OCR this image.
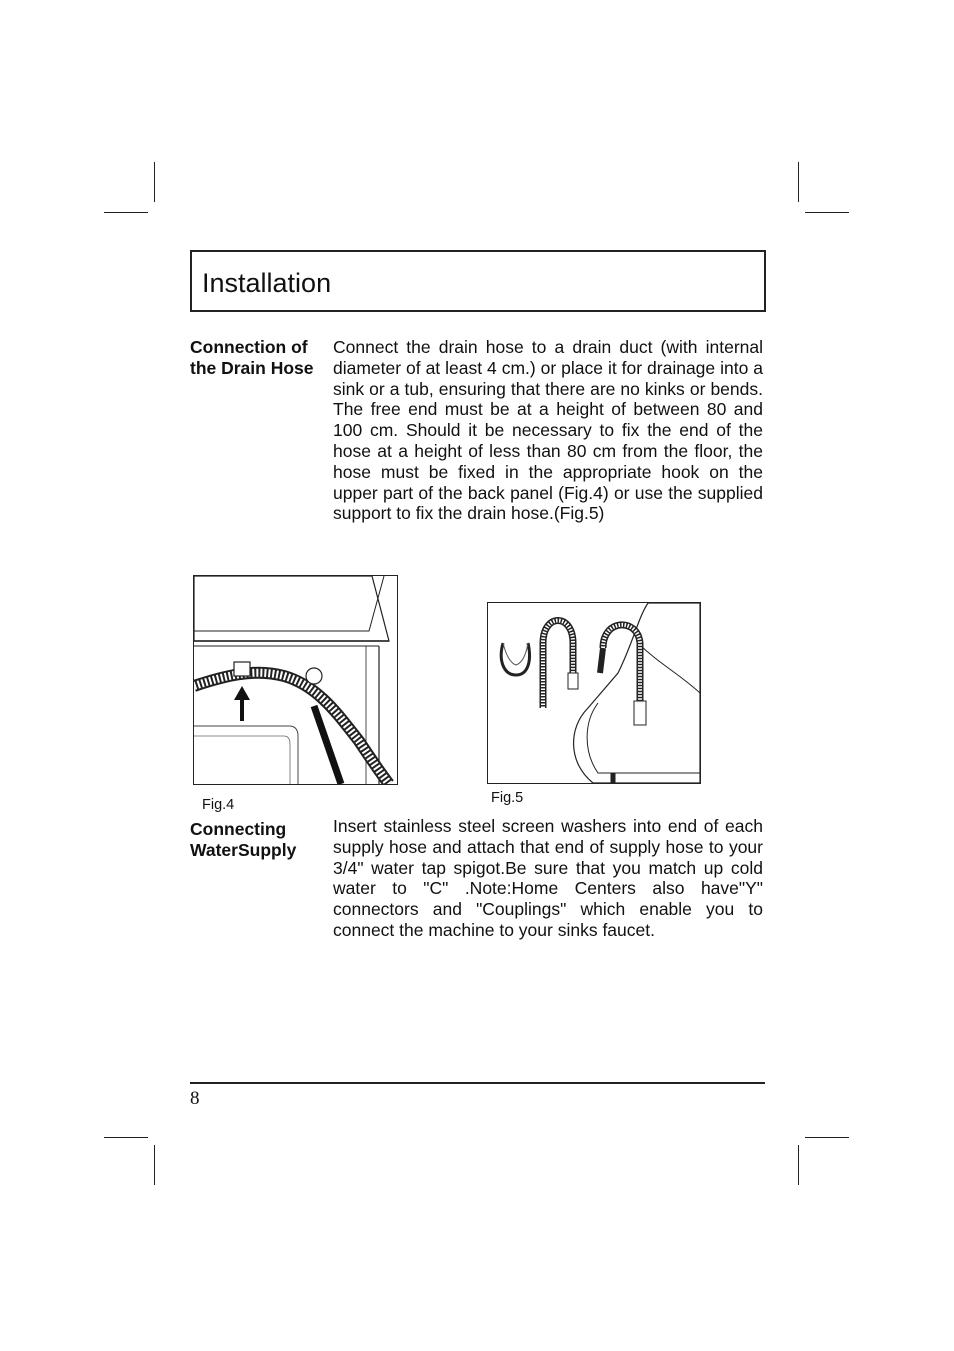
Installation
Connection of
the Drain Hose
Connect the drain hose to a drain duct (with internal diameter of at least 4 cm.) or place it for drainage into a sink or a tub, ensuring that there are no kinks or bends. The free end must be at a height of between 80 and 100 cm. Should it be necessary to fix the end of the hose at a height of less than 80 cm from the floor, the hose must be fixed in the appropriate hook on the upper part of the back panel (Fig.4) or use the supplied support to fix the drain hose.(Fig.5)
Fig.4	Fig.5
Connecting
WaterSupply
Insert stainless steel screen washers into end of each supply hose and attach that end of supply hose to your 3/4" water tap spigot.Be sure that you match up cold water to "C" .Note:Home Centers also have"Y" connectors and "Couplings" which enable you to connect the machine to your sinks faucet.
8
